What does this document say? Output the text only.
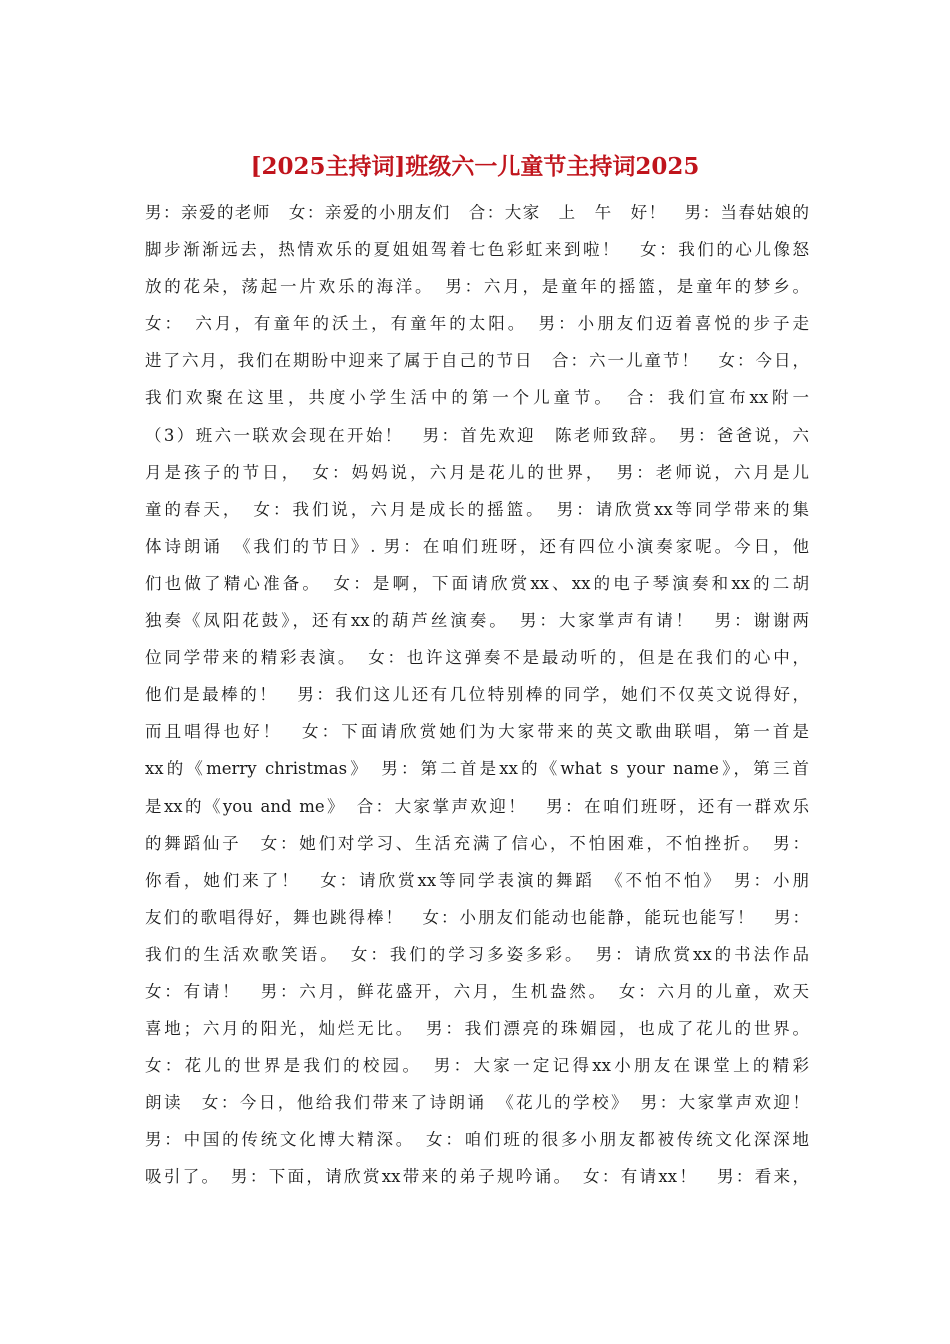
[2025主持词]班级六一儿童节主持词2025
男：亲爱的老师　女：亲爱的小朋友们　合：大家　上　午　好！　男：当春姑娘的
脚步渐渐远去，热情欢乐的夏姐姐驾着七色彩虹来到啦！　女：我们的心儿像怒
放的花朵，荡起一片欢乐的海洋。　男：六月，是童年的摇篮，是童年的梦乡。
女：　六月，有童年的沃土，有童年的太阳。　男：小朋友们迈着喜悦的步子走
进了六月，我们在期盼中迎来了属于自己的节日　合：六一儿童节！　女：今日，
我们欢聚在这里，共度小学生活中的第一个儿童节。　合：我们宣布xx附一
（3）班六一联欢会现在开始！　男：首先欢迎　陈老师致辞。　男：爸爸说，六
月是孩子的节日，　女：妈妈说，六月是花儿的世界，　男：老师说，六月是儿
童的春天，　女：我们说，六月是成长的摇篮。　男：请欣赏xx等同学带来的集
体诗朗诵　《我们的节日》. 男：在咱们班呀，还有四位小演奏家呢。今日，他
们也做了精心准备。　女：是啊，下面请欣赏xx、xx的电子琴演奏和xx的二胡
独奏《凤阳花鼓》，还有xx的葫芦丝演奏。　男：大家掌声有请！　男：谢谢两
位同学带来的精彩表演。　女：也许这弹奏不是最动听的，但是在我们的心中，
他们是最棒的！　男：我们这儿还有几位特别棒的同学，她们不仅英文说得好，
而且唱得也好！　女：下面请欣赏她们为大家带来的英文歌曲联唱，第一首是
xx的《merry christmas》　男：第二首是xx的《what s your name》，第三首
是xx的《you and me》　合：大家掌声欢迎！　男：在咱们班呀，还有一群欢乐
的舞蹈仙子　女：她们对学习、生活充满了信心，不怕困难，不怕挫折。　男：
你看，她们来了！　女：请欣赏xx等同学表演的舞蹈　《不怕不怕》　男：小朋
友们的歌唱得好，舞也跳得棒！　女：小朋友们能动也能静，能玩也能写！　男：
我们的生活欢歌笑语。　女：我们的学习多姿多彩。　男：请欣赏xx的书法作品
女：有请！　男：六月，鲜花盛开，六月，生机盎然。　女：六月的儿童，欢天
喜地；六月的阳光，灿烂无比。　男：我们漂亮的珠媚园，也成了花儿的世界。
女：花儿的世界是我们的校园。　男：大家一定记得xx小朋友在课堂上的精彩
朗读　女：今日，他给我们带来了诗朗诵　《花儿的学校》　男：大家掌声欢迎！
男：中国的传统文化博大精深。　女：咱们班的很多小朋友都被传统文化深深地
吸引了。　男：下面，请欣赏xx带来的弟子规吟诵。　女：有请xx！　男：看来，
